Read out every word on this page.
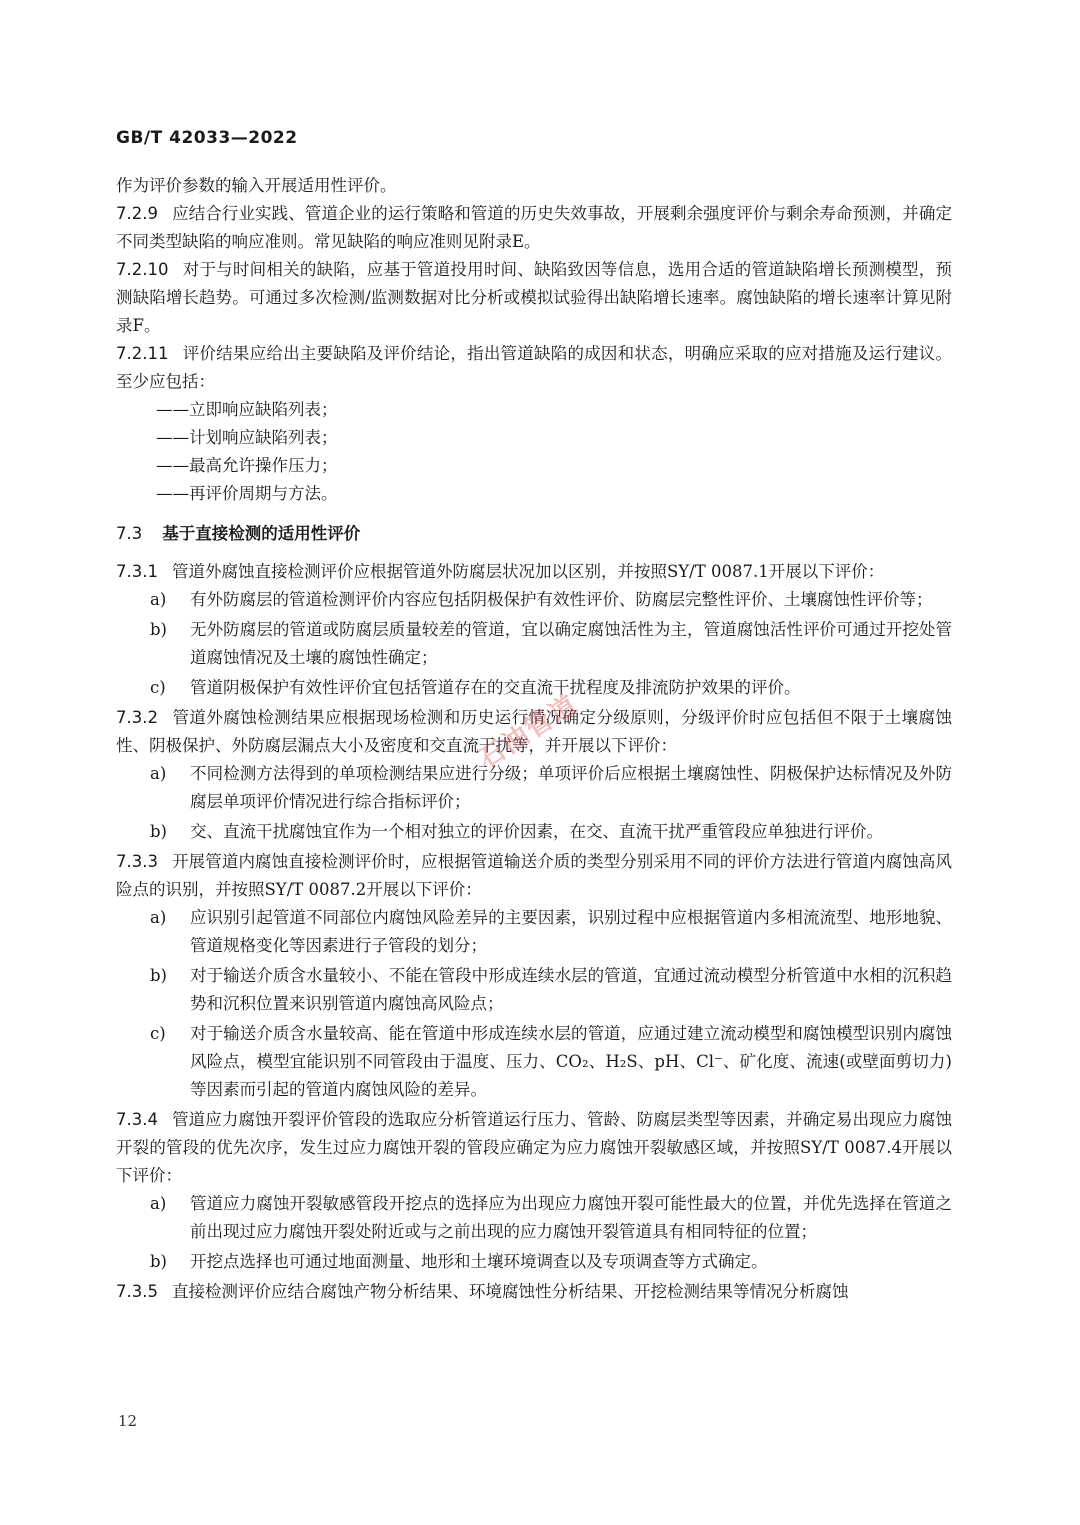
GB/T 42033—2022

作为评价参数的输入开展适用性评价。

7.2.9 应结合行业实践、管道企业的运行策略和管道的历史失效事故，开展剩余强度评价与剩余寿命预测，并确定不同类型缺陷的响应准则。常见缺陷的响应准则见附录E。

7.2.10 对于与时间相关的缺陷，应基于管道投用时间、缺陷致因等信息，选用合适的管道缺陷增长预测模型，预测缺陷增长趋势。可通过多次检测/监测数据对比分析或模拟试验得出缺陷增长速率。腐蚀缺陷的增长速率计算见附录F。

7.2.11 评价结果应给出主要缺陷及评价结论，指出管道缺陷的成因和状态，明确应采取的应对措施及运行建议。至少应包括：

——立即响应缺陷列表；

——计划响应缺陷列表；

——最高允许操作压力；

——再评价周期与方法。

7.3 基于直接检测的适用性评价

7.3.1 管道外腐蚀直接检测评价应根据管道外防腐层状况加以区别，并按照SY/T 0087.1开展以下评价：

a)	有外防腐层的管道检测评价内容应包括阴极保护有效性评价、防腐层完整性评价、土壤腐蚀性评价等；
b)	无外防腐层的管道或防腐层质量较差的管道，宜以确定腐蚀活性为主，管道腐蚀活性评价可通过开挖处管道腐蚀情况及土壤的腐蚀性确定；
c)	管道阴极保护有效性评价宜包括管道存在的交直流干扰程度及排流防护效果的评价。

7.3.2 管道外腐蚀检测结果应根据现场检测和历史运行情况确定分级原则，分级评价时应包括但不限于土壤腐蚀性、阴极保护、外防腐层漏点大小及密度和交直流干扰等，并开展以下评价：

a)	不同检测方法得到的单项检测结果应进行分级；单项评价后应根据土壤腐蚀性、阴极保护达标情况及外防腐层单项评价情况进行综合指标评价；
b)	交、直流干扰腐蚀宜作为一个相对独立的评价因素，在交、直流干扰严重管段应单独进行评价。

7.3.3 开展管道内腐蚀直接检测评价时，应根据管道输送介质的类型分别采用不同的评价方法进行管道内腐蚀高风险点的识别，并按照SY/T 0087.2开展以下评价：

a)	应识别引起管道不同部位内腐蚀风险差异的主要因素，识别过程中应根据管道内多相流流型、地形地貌、管道规格变化等因素进行子管段的划分；
b)	对于输送介质含水量较小、不能在管段中形成连续水层的管道，宜通过流动模型分析管道中水相的沉积趋势和沉积位置来识别管道内腐蚀高风险点；
c)	对于输送介质含水量较高、能在管道中形成连续水层的管道，应通过建立流动模型和腐蚀模型识别内腐蚀风险点，模型宜能识别不同管段由于温度、压力、CO₂、H₂S、pH、Cl⁻、矿化度、流速(或壁面剪切力)等因素而引起的管道内腐蚀风险的差异。

7.3.4 管道应力腐蚀开裂评价管段的选取应分析管道运行压力、管龄、防腐层类型等因素，并确定易出现应力腐蚀开裂的管段的优先次序，发生过应力腐蚀开裂的管段应确定为应力腐蚀开裂敏感区域，并按照SY/T 0087.4开展以下评价：

a)	管道应力腐蚀开裂敏感管段开挖点的选择应为出现应力腐蚀开裂可能性最大的位置，并优先选择在管道之前出现过应力腐蚀开裂处附近或与之前出现的应力腐蚀开裂管道具有相同特征的位置；
b)	开挖点选择也可通过地面测量、地形和土壤环境调查以及专项调查等方式确定。

7.3.5 直接检测评价应结合腐蚀产物分析结果、环境腐蚀性分析结果、开挖检测结果等情况分析腐蚀

石油管道
12
